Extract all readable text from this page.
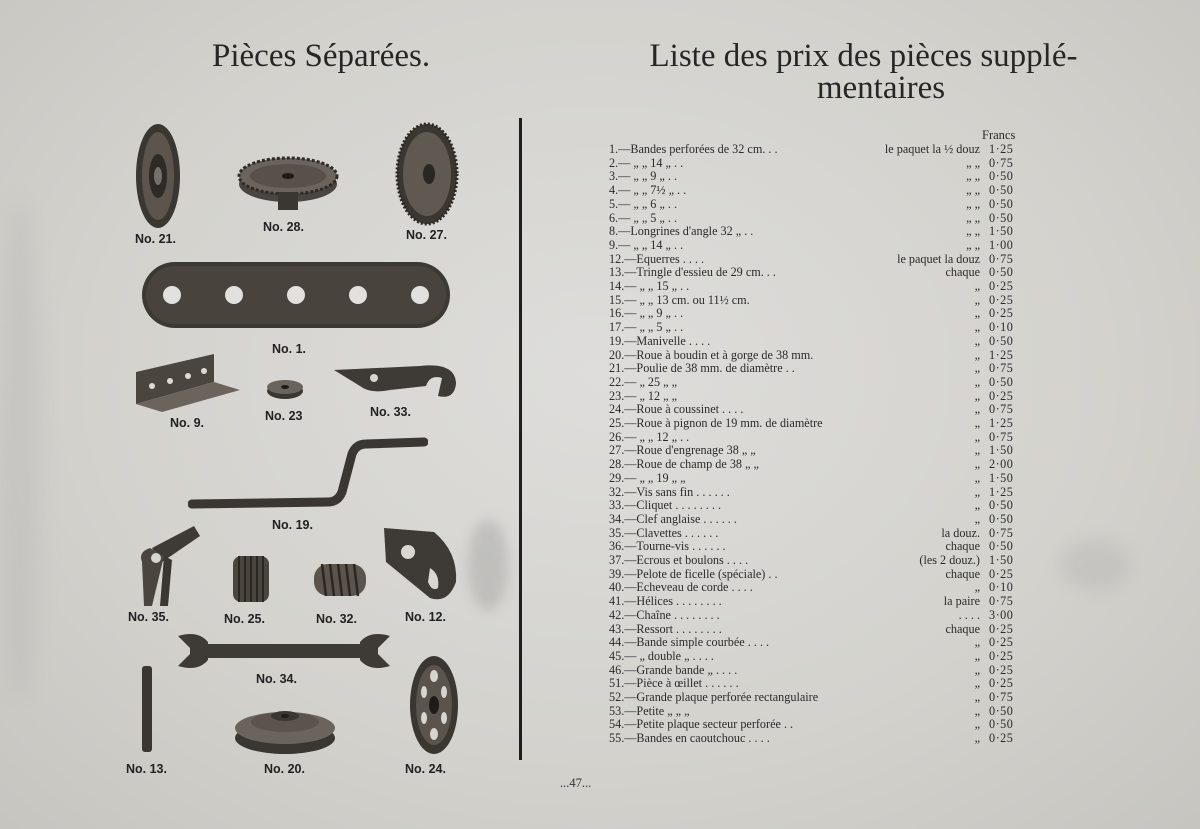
Pièces Séparées.
No. 21.
No. 28.
No. 27.
No. 1.
No. 9.	No. 23	No. 33.
No. 19.
No. 35.	No. 25.	No. 32.	No. 12.
No. 34.
No. 13.	No. 20.	No. 24.
Liste des prix des pièces supplé-
mentaires
Francs
1.—Bandes perforées de 32 cm. . .	le paquet la ½ douz 1·25
2.— „ „ 14 „ . .	„ „ 0·75
3.— „ „ 9 „ . .	„ „ 0·50
4.— „ „ 7½ „ . .	„ „ 0·50
5.— „ „ 6 „ . .	„ „ 0·50
6.— „ „ 5 „ . .	„ „ 0·50
8.—Longrines d'angle 32 „ . .	„ „ 1·50
9.— „ „ 14 „ . .	„ „ 1·00
12.—Equerres . . . .	le paquet la douz 0·75
13.—Tringle d'essieu de 29 cm. . .	chaque 0·50
14.— „ „ 15 „ . .	„ 0·25
15.— „ „ 13 cm. ou 11½ cm.	„ 0·25
16.— „ „ 9 „ . .	„ 0·25
17.— „ „ 5 „ . .	„ 0·10
19.—Manivelle . . . .	„ 0·50
20.—Roue à boudin et à gorge de 38 mm.	„ 1·25
21.—Poulie de 38 mm. de diamètre . .	„ 0·75
22.— „ 25 „ „	„ 0·50
23.— „ 12 „ „	„ 0·25
24.—Roue à coussinet . . . .	„ 0·75
25.—Roue à pignon de 19 mm. de diamètre	„ 1·25
26.— „ „ 12 „ . .	„ 0·75
27.—Roue d'engrenage 38 „ „	„ 1·50
28.—Roue de champ de 38 „ „	„ 2·00
29.— „ „ 19 „ „	„ 1·50
32.—Vis sans fin . . . . . .	„ 1·25
33.—Cliquet . . . . . . . .	„ 0·50
34.—Clef anglaise . . . . . .	„ 0·50
35.—Clavettes . . . . . .	la douz. 0·75
36.—Tourne-vis . . . . . .	chaque 0·50
37.—Ecrous et boulons . . . .	(les 2 douz.) 1·50
39.—Pelote de ficelle (spéciale) . .	chaque 0·25
40.—Echeveau de corde . . . .	„ 0·10
41.—Hélices . . . . . . . .	la paire 0·75
42.—Chaîne . . . . . . . .	. . . . 3·00
43.—Ressort . . . . . . . .	chaque 0·25
44.—Bande simple courbée . . . .	„ 0·25
45.— „ double „ . . . .	„ 0·25
46.—Grande bande „ . . . .	„ 0·25
51.—Pièce à œillet . . . . . .	„ 0·25
52.—Grande plaque perforée rectangulaire	„ 0·75
53.—Petite „ „ „	„ 0·50
54.—Petite plaque secteur perforée . .	„ 0·50
55.—Bandes en caoutchouc . . . .	„ 0·25
...47...
